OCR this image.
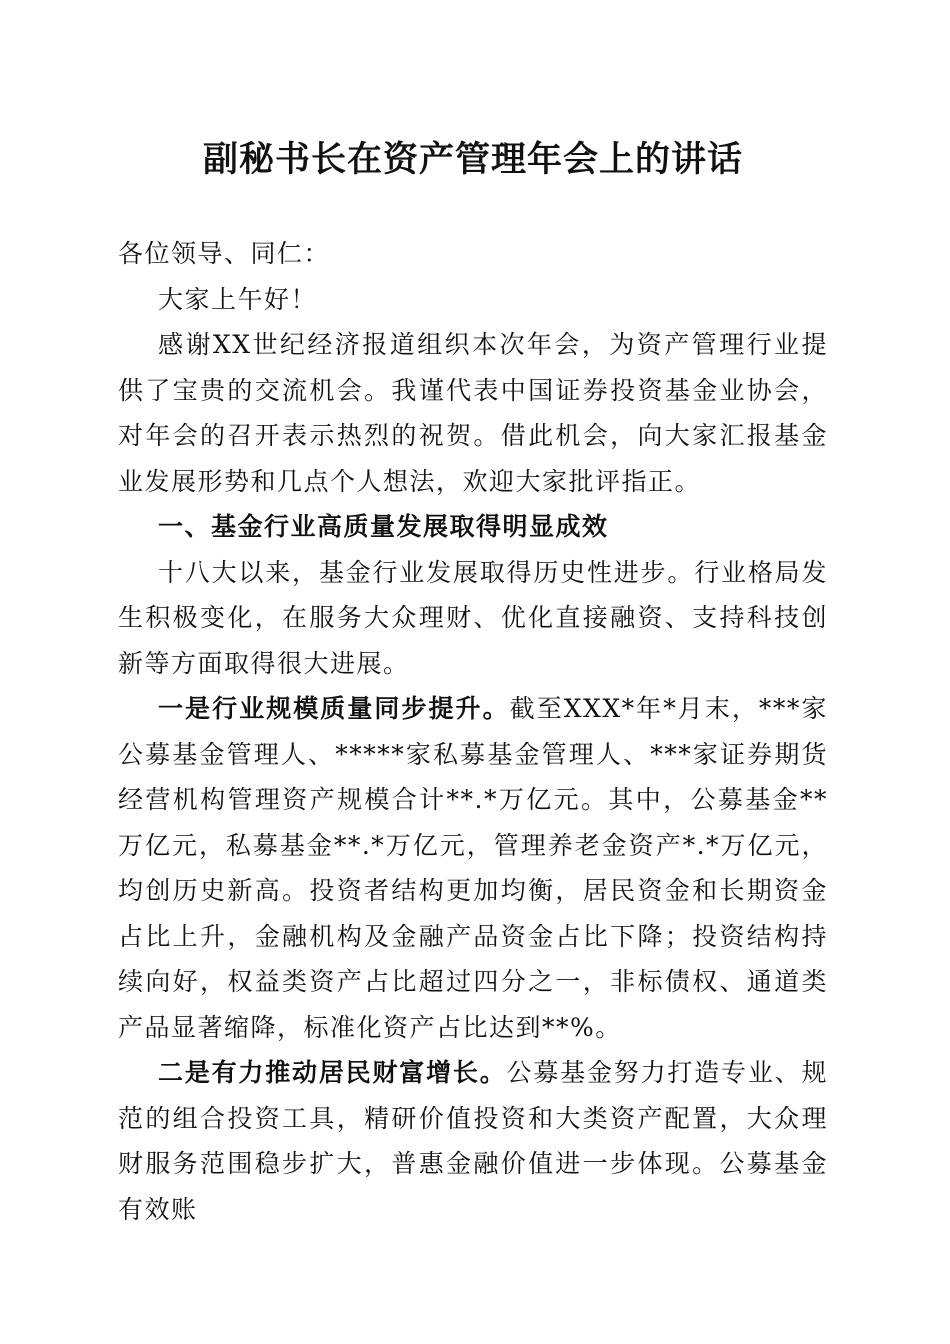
副秘书长在资产管理年会上的讲话

各位领导、同仁：

大家上午好！

感谢XX世纪经济报道组织本次年会，为资产管理行业提供了宝贵的交流机会。我谨代表中国证券投资基金业协会，对年会的召开表示热烈的祝贺。借此机会，向大家汇报基金业发展形势和几点个人想法，欢迎大家批评指正。

一、基金行业高质量发展取得明显成效

十八大以来，基金行业发展取得历史性进步。行业格局发生积极变化，在服务大众理财、优化直接融资、支持科技创新等方面取得很大进展。

一是行业规模质量同步提升。截至XXX*年*月末，***家公募基金管理人、*****家私募基金管理人、***家证券期货经营机构管理资产规模合计**.*万亿元。其中，公募基金**万亿元，私募基金**.*万亿元，管理养老金资产*.*万亿元，均创历史新高。投资者结构更加均衡，居民资金和长期资金占比上升，金融机构及金融产品资金占比下降；投资结构持续向好，权益类资产占比超过四分之一，非标债权、通道类产品显著缩降，标准化资产占比达到**%。

二是有力推动居民财富增长。公募基金努力打造专业、规范的组合投资工具，精研价值投资和大类资产配置，大众理财服务范围稳步扩大，普惠金融价值进一步体现。公募基金有效账
